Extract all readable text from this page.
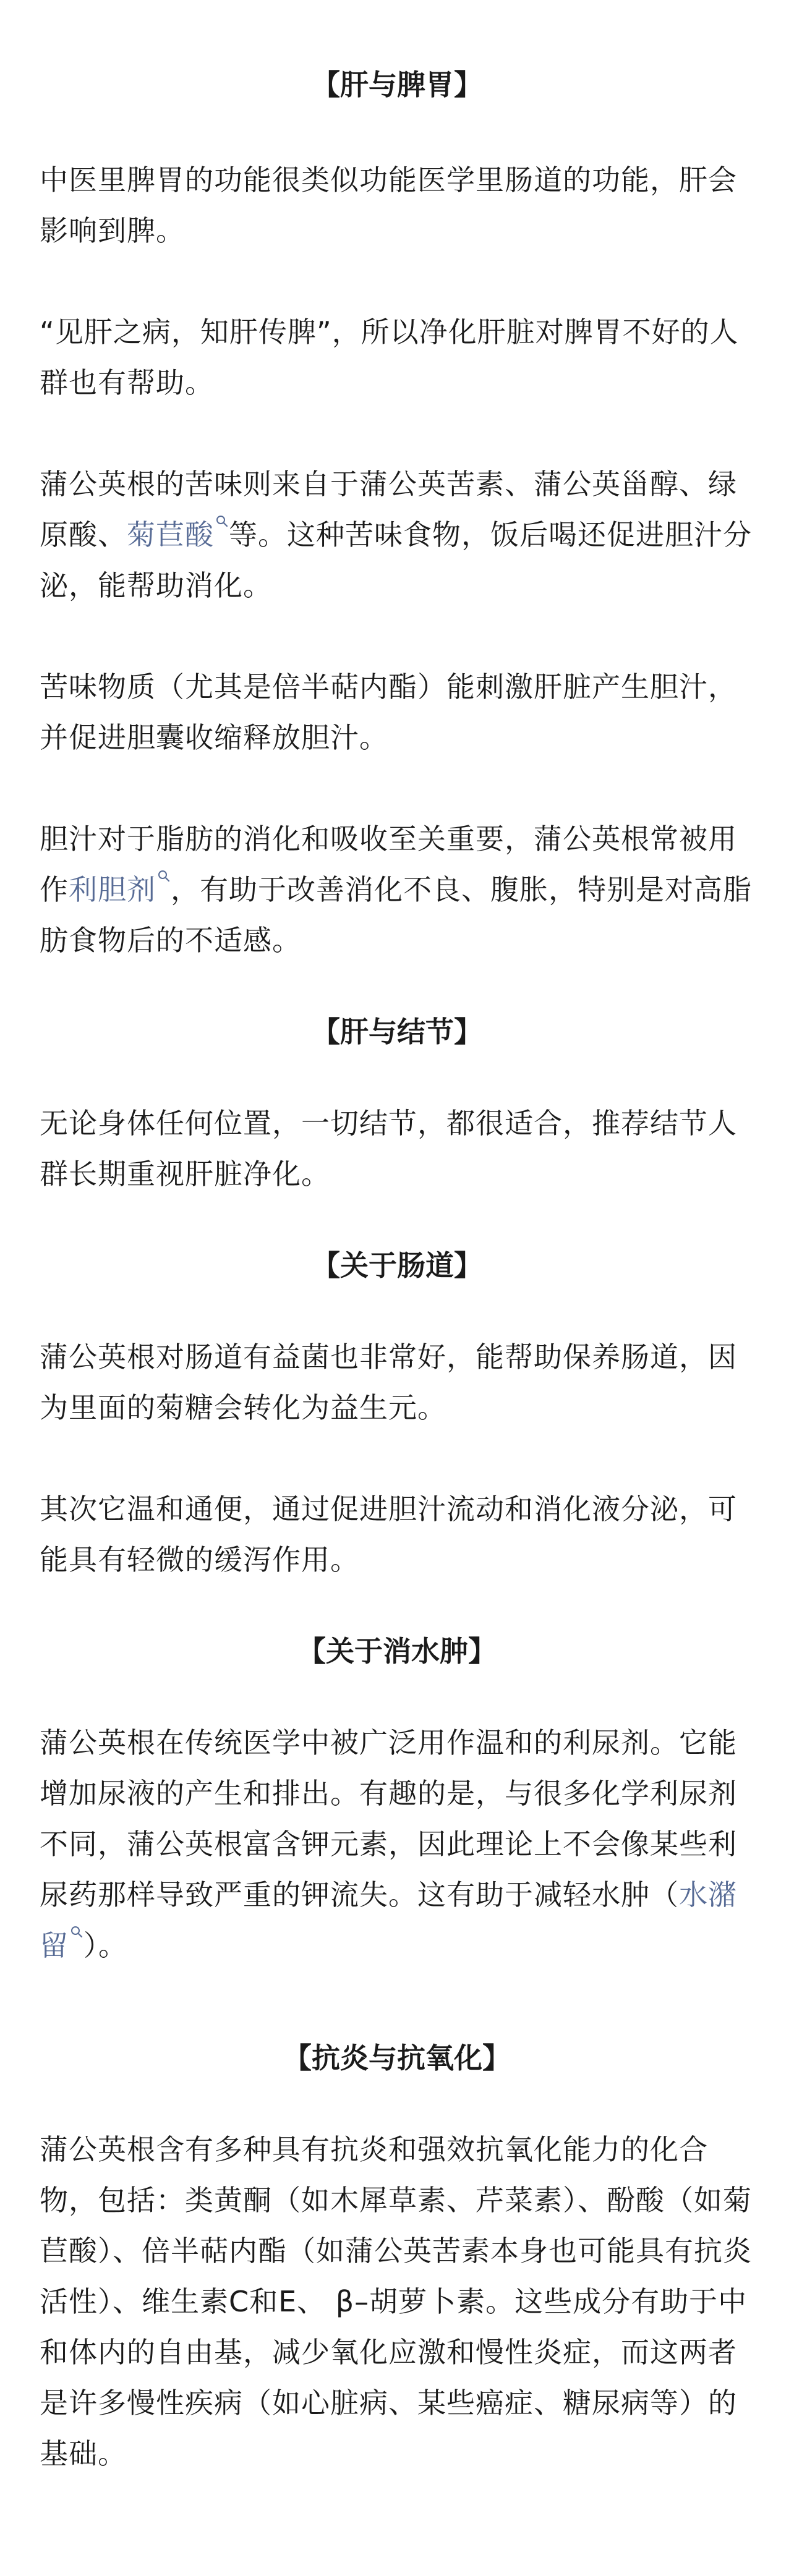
【肝与脾胃】

中医里脾胃的功能很类似功能医学里肠道的功能，肝会影响到脾。

“见肝之病，知肝传脾”，所以净化肝脏对脾胃不好的人群也有帮助。

蒲公英根的苦味则来自于蒲公英苦素、蒲公英甾醇、绿原酸、菊苣酸 等。这种苦味食物，饭后喝还促进胆汁分泌，能帮助消化。

苦味物质（尤其是倍半萜内酯）能刺激肝脏产生胆汁，并促进胆囊收缩释放胆汁。

胆汁对于脂肪的消化和吸收至关重要，蒲公英根常被用作利胆剂 ，有助于改善消化不良、腹胀，特别是对高脂肪食物后的不适感。

【肝与结节】

无论身体任何位置，一切结节，都很适合，推荐结节人群长期重视肝脏净化。

【关于肠道】

蒲公英根对肠道有益菌也非常好，能帮助保养肠道，因为里面的菊糖会转化为益生元。

其次它温和通便，通过促进胆汁流动和消化液分泌，可能具有轻微的缓泻作用。

【关于消水肿】

蒲公英根在传统医学中被广泛用作温和的利尿剂。它能增加尿液的产生和排出。有趣的是，与很多化学利尿剂不同，蒲公英根富含钾元素，因此理论上不会像某些利尿药那样导致严重的钾流失。这有助于减轻水肿（水潴留 ）。

【抗炎与抗氧化】

蒲公英根含有多种具有抗炎和强效抗氧化能力的化合物，包括：类黄酮（如木犀草素、芹菜素）、酚酸（如菊苣酸）、倍半萜内酯（如蒲公英苦素本身也可能具有抗炎活性）、维生素C和E、 β–胡萝卜素。这些成分有助于中和体内的自由基，减少氧化应激和慢性炎症，而这两者是许多慢性疾病（如心脏病、某些癌症、糖尿病等）的基础。
